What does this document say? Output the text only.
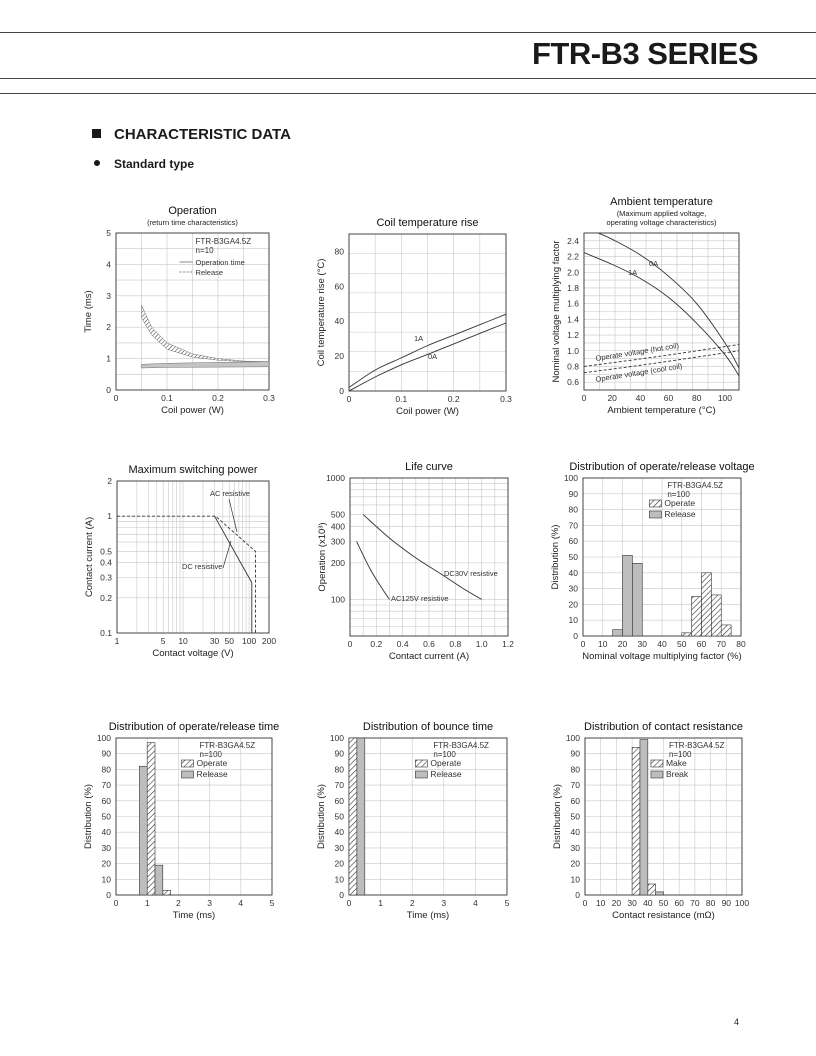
FTR-B3 SERIES
CHARACTERISTIC DATA
Standard type
0	0.1	0.2	0.3
0
1
2
3
4
5
(return time characteristics)
Operation
Coil power (W)
Time (ms)
FTR-B3GA4.5Z
n=10
Operation time
Release
0	0.1	0.2	0.3
0
20
40
60
80
Coil temperature rise
Coil power (W)
Coil temperature rise (°C)	1A
0A
0 20 40 60 80 100
0.6
0.8
1.0
1.2
1.4
1.6
1.8
2.0
2.2
2.4
operating voltage characteristics)
(Maximum applied voltage,
Ambient temperature
Ambient temperature (°C)
Nominal voltage multiplying factor	0A
1A
Operate voltage (hot coil)
Operate voltage (cool coil)
1	5 10	30 50 100 200
0.1
0.2
0.3
0.4
0.5
1
2
Maximum switching power
Contact voltage (V)
Contact current (A)
AC resistive
DC resistive
0 0.2 0.4 0.6 0.8 1.0 1.2
100
200
300
400
500
1000
Life curve
Contact current (A)
Operation (x10³)	DC30V resistive
AC125V resistive
0 10 20 30 40 50 60 70 80
0
10
20
30
40
50
60
70
80
90
100
Distribution of operate/release voltage
Nominal voltage multiplying factor (%)
Distribution (%)
FTR-B3GA4.5Z
n=100
Operate
Release
0	1	2	3	4	5
0
10
20
30
40
50
60
70
80
90
100
Distribution of operate/release time
Time (ms)
Distribution (%)
FTR-B3GA4.5Z
n=100
Operate
Release
0	1	2	3	4	5
0
10
20
30
40
50
60
70
80
90
100
Distribution of bounce time
Time (ms)
Distribution (%)
FTR-B3GA4.5Z
n=100
Operate
Release
0 10 20 30 40 50 60 70 80 90 100
0
10
20
30
40
50
60
70
80
90
100
Distribution of contact resistance
Contact resistance (mΩ)
Distribution (%)
FTR-B3GA4.5Z
n=100
Make
Break
4
